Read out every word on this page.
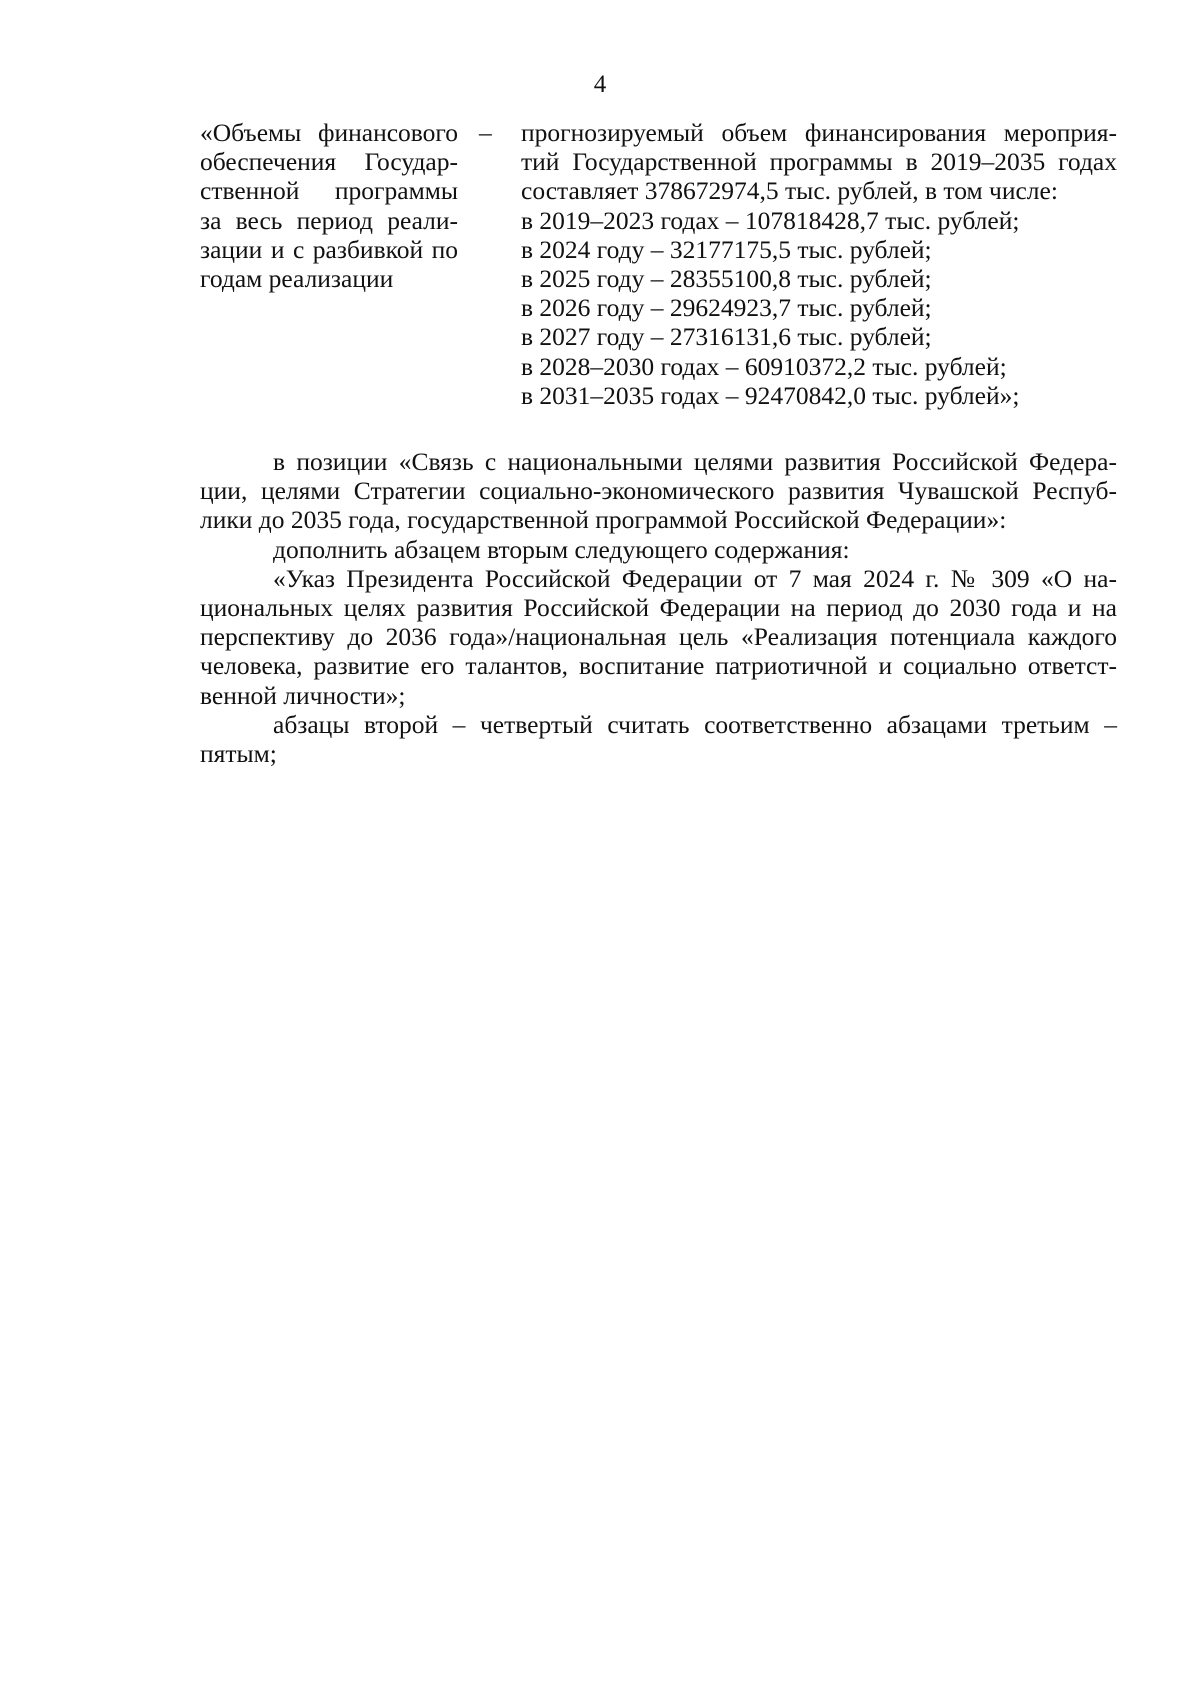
4
«Объемы финансового
обеспечения Государ-
ственной программы
за весь период реали-
зации и с разбивкой по
годам реализации
– прогнозируемый объем финансирования мероприя-
тий Государственной программы в 2019–2035 годах
составляет 378672974,5 тыс. рублей, в том числе:
в 2019–2023 годах – 107818428,7 тыс. рублей;
в 2024 году – 32177175,5 тыс. рублей;
в 2025 году – 28355100,8 тыс. рублей;
в 2026 году – 29624923,7 тыс. рублей;
в 2027 году – 27316131,6 тыс. рублей;
в 2028–2030 годах – 60910372,2 тыс. рублей;
в 2031–2035 годах – 92470842,0 тыс. рублей»;
в позиции «Связь с национальными целями развития Российской Федера-
ции, целями Стратегии социально-экономического развития Чувашской Респуб-
лики до 2035 года, государственной программой Российской Федерации»:
дополнить абзацем вторым следующего содержания:
«Указ Президента Российской Федерации от 7 мая 2024 г. № 309 «О на-
циональных целях развития Российской Федерации на период до 2030 года и на
перспективу до 2036 года»/национальная цель «Реализация потенциала каждого
человека, развитие его талантов, воспитание патриотичной и социально ответст-
венной личности»;
абзацы второй – четвертый считать соответственно абзацами третьим –
пятым;
